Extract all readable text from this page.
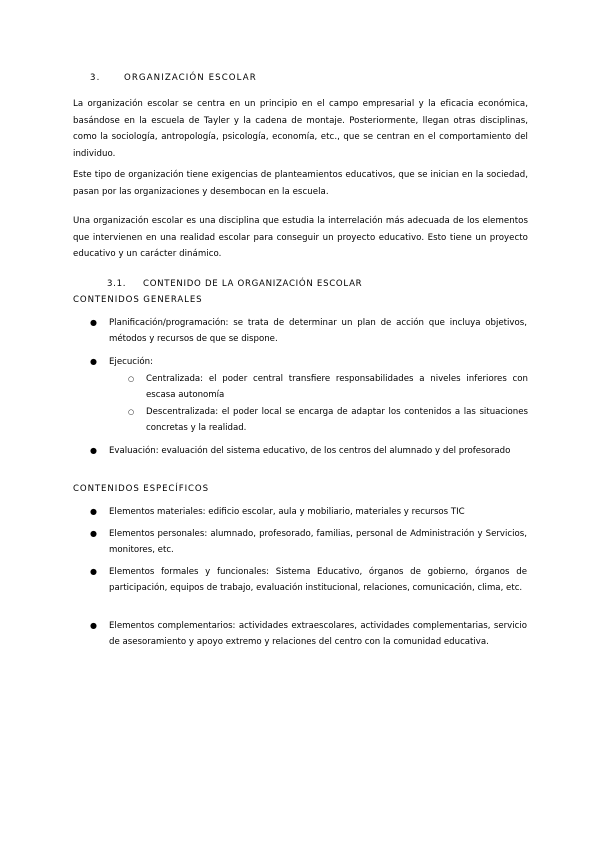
3.	ORGANIZACIÓN ESCOLAR

La organización escolar se centra en un principio en el campo empresarial y la eficacia económica, basándose en la escuela de Tayler y la cadena de montaje. Posteriormente, llegan otras disciplinas, como la sociología, antropología, psicología, economía, etc., que se centran en el comportamiento del individuo.

Este tipo de organización tiene exigencias de planteamientos educativos, que se inician en la sociedad, pasan por las organizaciones y desembocan en la escuela.

Una organización escolar es una disciplina que estudia la interrelación más adecuada de los elementos que intervienen en una realidad escolar para conseguir un proyecto educativo. Esto tiene un proyecto educativo y un carácter dinámico.

3.1. CONTENIDO DE LA ORGANIZACIÓN ESCOLAR
CONTENIDOS GENERALES
● Planificación/programación: se trata de determinar un plan de acción que incluya objetivos, métodos y recursos de que se dispone.
● Ejecución:
○ Centralizada: el poder central transfiere responsabilidades a niveles inferiores con escasa autonomía
○ Descentralizada: el poder local se encarga de adaptar los contenidos a las situaciones concretas y la realidad.
● Evaluación: evaluación del sistema educativo, de los centros del alumnado y del profesorado
CONTENIDOS ESPECÍFICOS
● Elementos materiales: edificio escolar, aula y mobiliario, materiales y recursos TIC
● Elementos personales: alumnado, profesorado, familias, personal de Administración y Servicios, monitores, etc.
● Elementos formales y funcionales: Sistema Educativo, órganos de gobierno, órganos de participación, equipos de trabajo, evaluación institucional, relaciones, comunicación, clima, etc.
● Elementos complementarios: actividades extraescolares, actividades complementarias, servicio de asesoramiento y apoyo extremo y relaciones del centro con la comunidad educativa.
